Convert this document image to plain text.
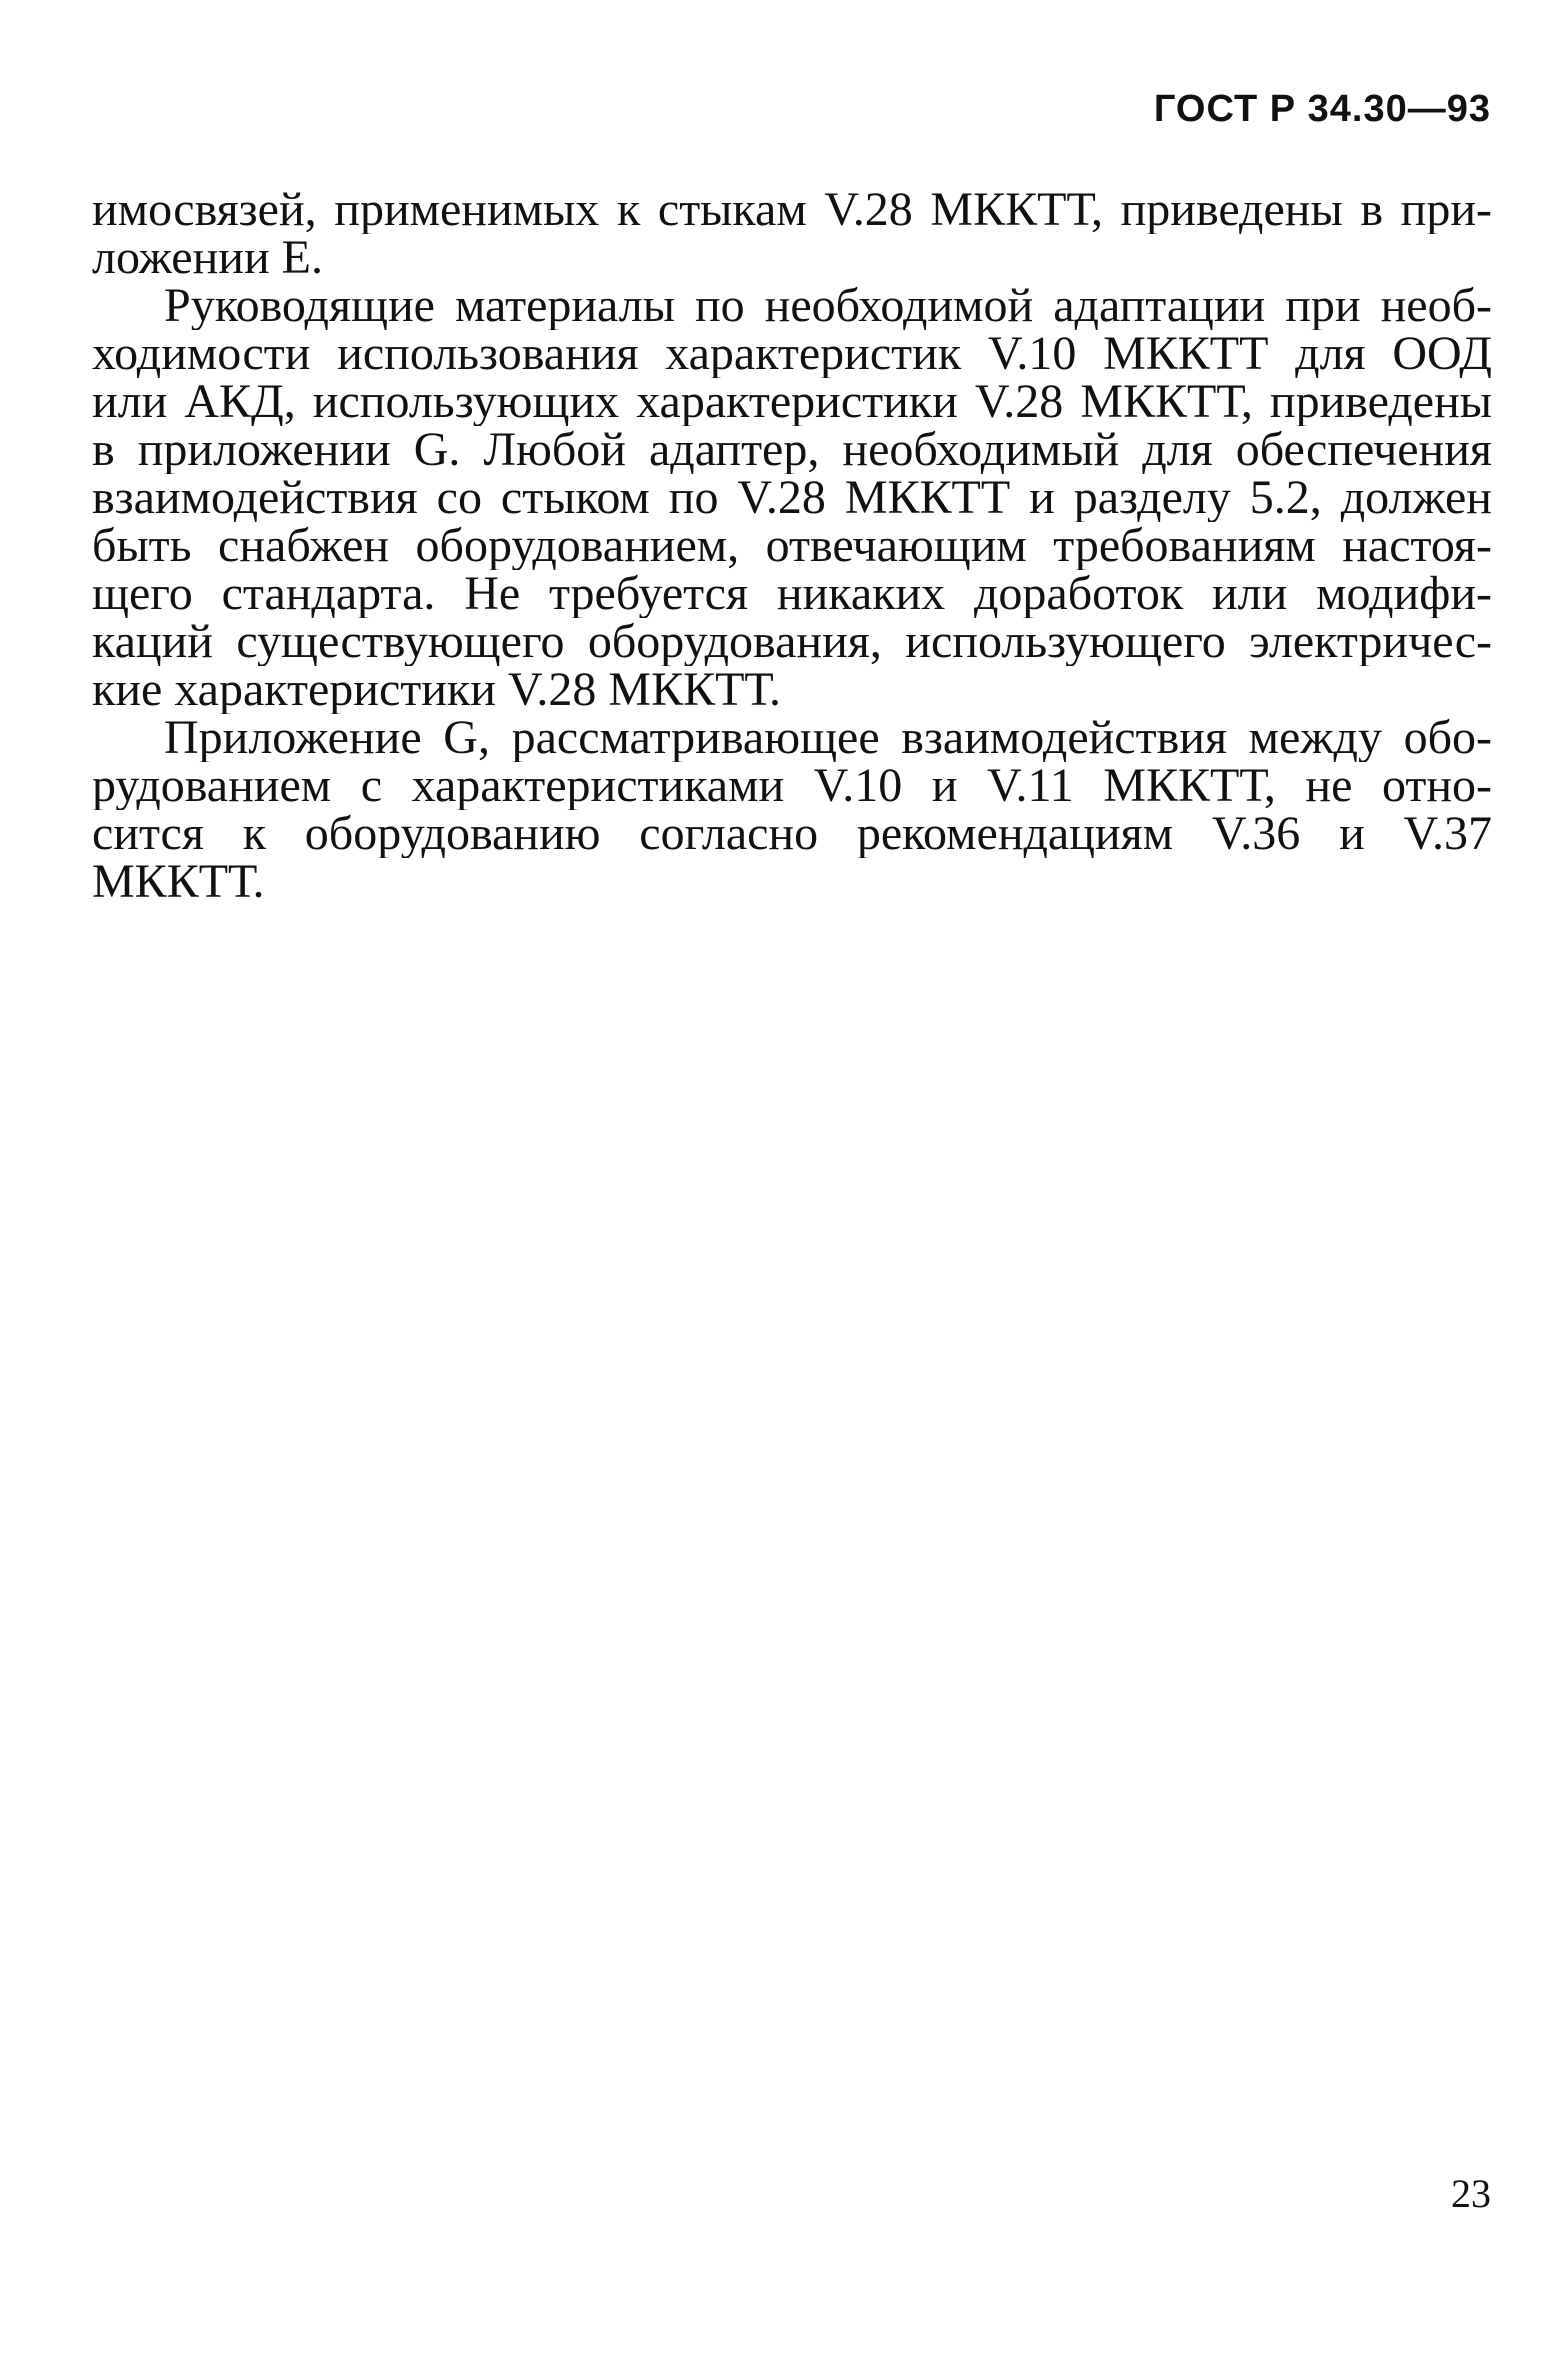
ГОСТ Р 34.30—93
имосвязей, применимых к стыкам V.28 МККТТ, приведены в при-
ложении Е.
Руководящие материалы по необходимой адаптации при необ-
ходимости использования характеристик V.10 МККТТ для ООД
или АКД, использующих характеристики V.28 МККТТ, приведены
в приложении G. Любой адаптер, необходимый для обеспечения
взаимодействия со стыком по V.28 МККТТ и разделу 5.2, должен
быть снабжен оборудованием, отвечающим требованиям настоя-
щего стандарта. Не требуется никаких доработок или модифи-
каций существующего оборудования, использующего электричес-
кие характеристики V.28 МККТТ.
Приложение G, рассматривающее взаимодействия между обо-
рудованием с характеристиками V.10 и V.11 МККТТ, не отно-
сится к оборудованию согласно рекомендациям V.36 и V.37
МККТТ.
23
